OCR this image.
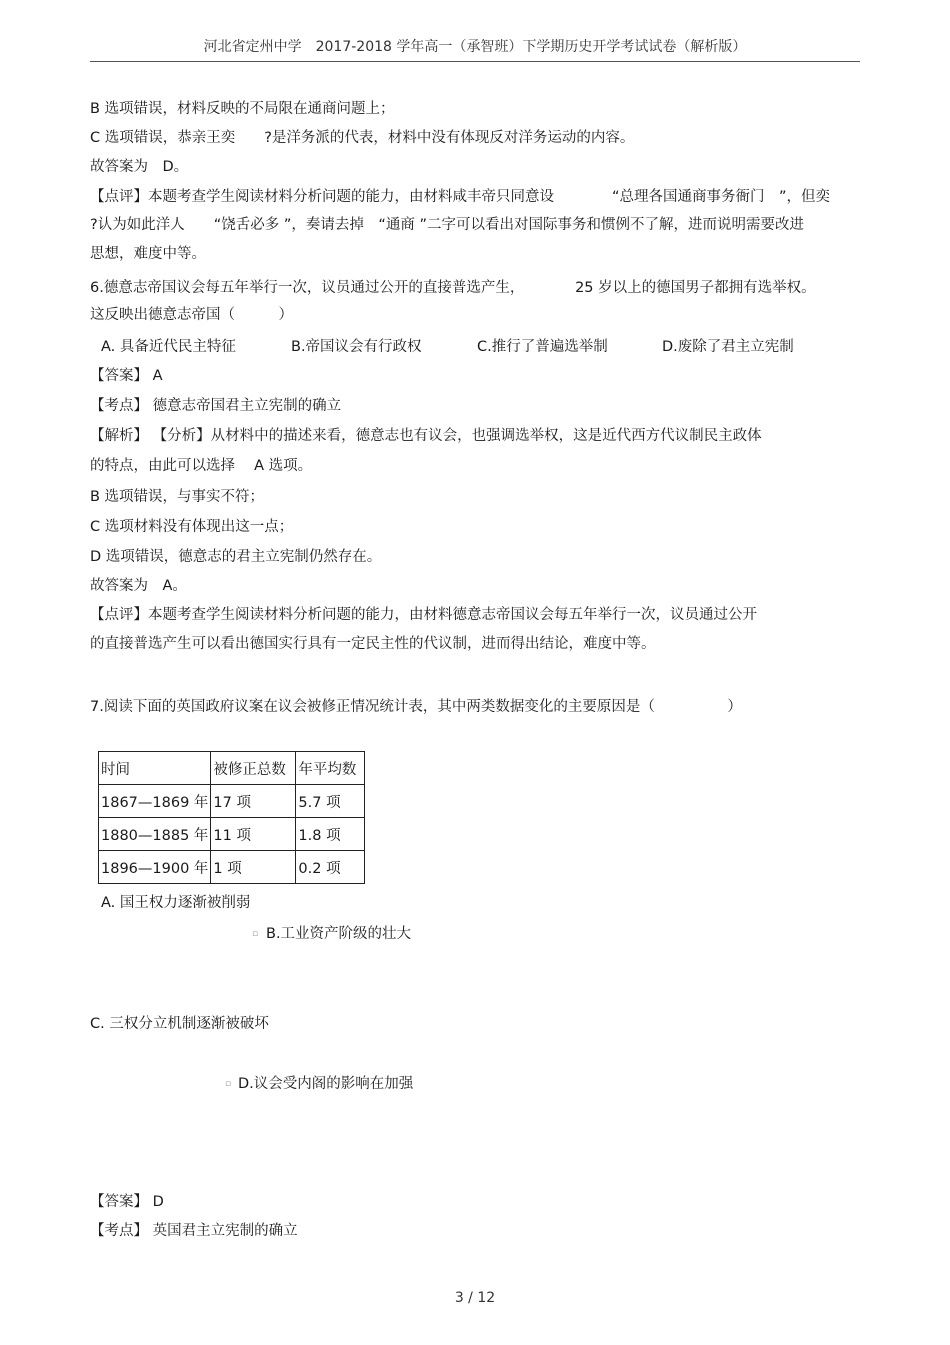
河北省定州中学　2017-2018 学年高一（承智班）下学期历史开学考试试卷（解析版）
B 选项错误，材料反映的不局限在通商问题上；
C 选项错误，恭亲王奕　　?是洋务派的代表，材料中没有体现反对洋务运动的内容。
故答案为　D。
【点评】本题考查学生阅读材料分析问题的能力，由材料咸丰帝只同意设　　　　“总理各国通商事务衙门　”，但奕
?认为如此洋人　　“饶舌必多 ”，奏请去掉　“通商 ”二字可以看出对国际事务和惯例不了解，进而说明需要改进
思想，难度中等。
6.德意志帝国议会每五年举行一次，议员通过公开的直接普选产生，　　　　25 岁以上的德国男子都拥有选举权。
这反映出德意志帝国（　　　）
A. 具备近代民主特征	B.帝国议会有行政权	C.推行了普遍选举制	D.废除了君主立宪制
【答案】 A
【考点】 德意志帝国君主立宪制的确立
【解析】 【分析】从材料中的描述来看，德意志也有议会，也强调选举权，这是近代西方代议制民主政体
的特点，由此可以选择　 A 选项。
B 选项错误，与事实不符；
C 选项材料没有体现出这一点；
D 选项错误，德意志的君主立宪制仍然存在。
故答案为　A。
【点评】本题考查学生阅读材料分析问题的能力，由材料德意志帝国议会每五年举行一次，议员通过公开
的直接普选产生可以看出德国实行具有一定民主性的代议制，进而得出结论，难度中等。
7.阅读下面的英国政府议案在议会被修正情况统计表，其中两类数据变化的主要原因是（　　　　　）
时间	被修正总数	年平均数
1867—1869 年	17 项	5.7 项
1880—1885 年	11 项	1.8 项
1896—1900 年	1 项	0.2 项
A. 国王权力逐渐被削弱
▫ B.工业资产阶级的壮大
C. 三权分立机制逐渐被破坏
▫ D.议会受内阁的影响在加强
【答案】 D
【考点】 英国君主立宪制的确立
3 / 12
